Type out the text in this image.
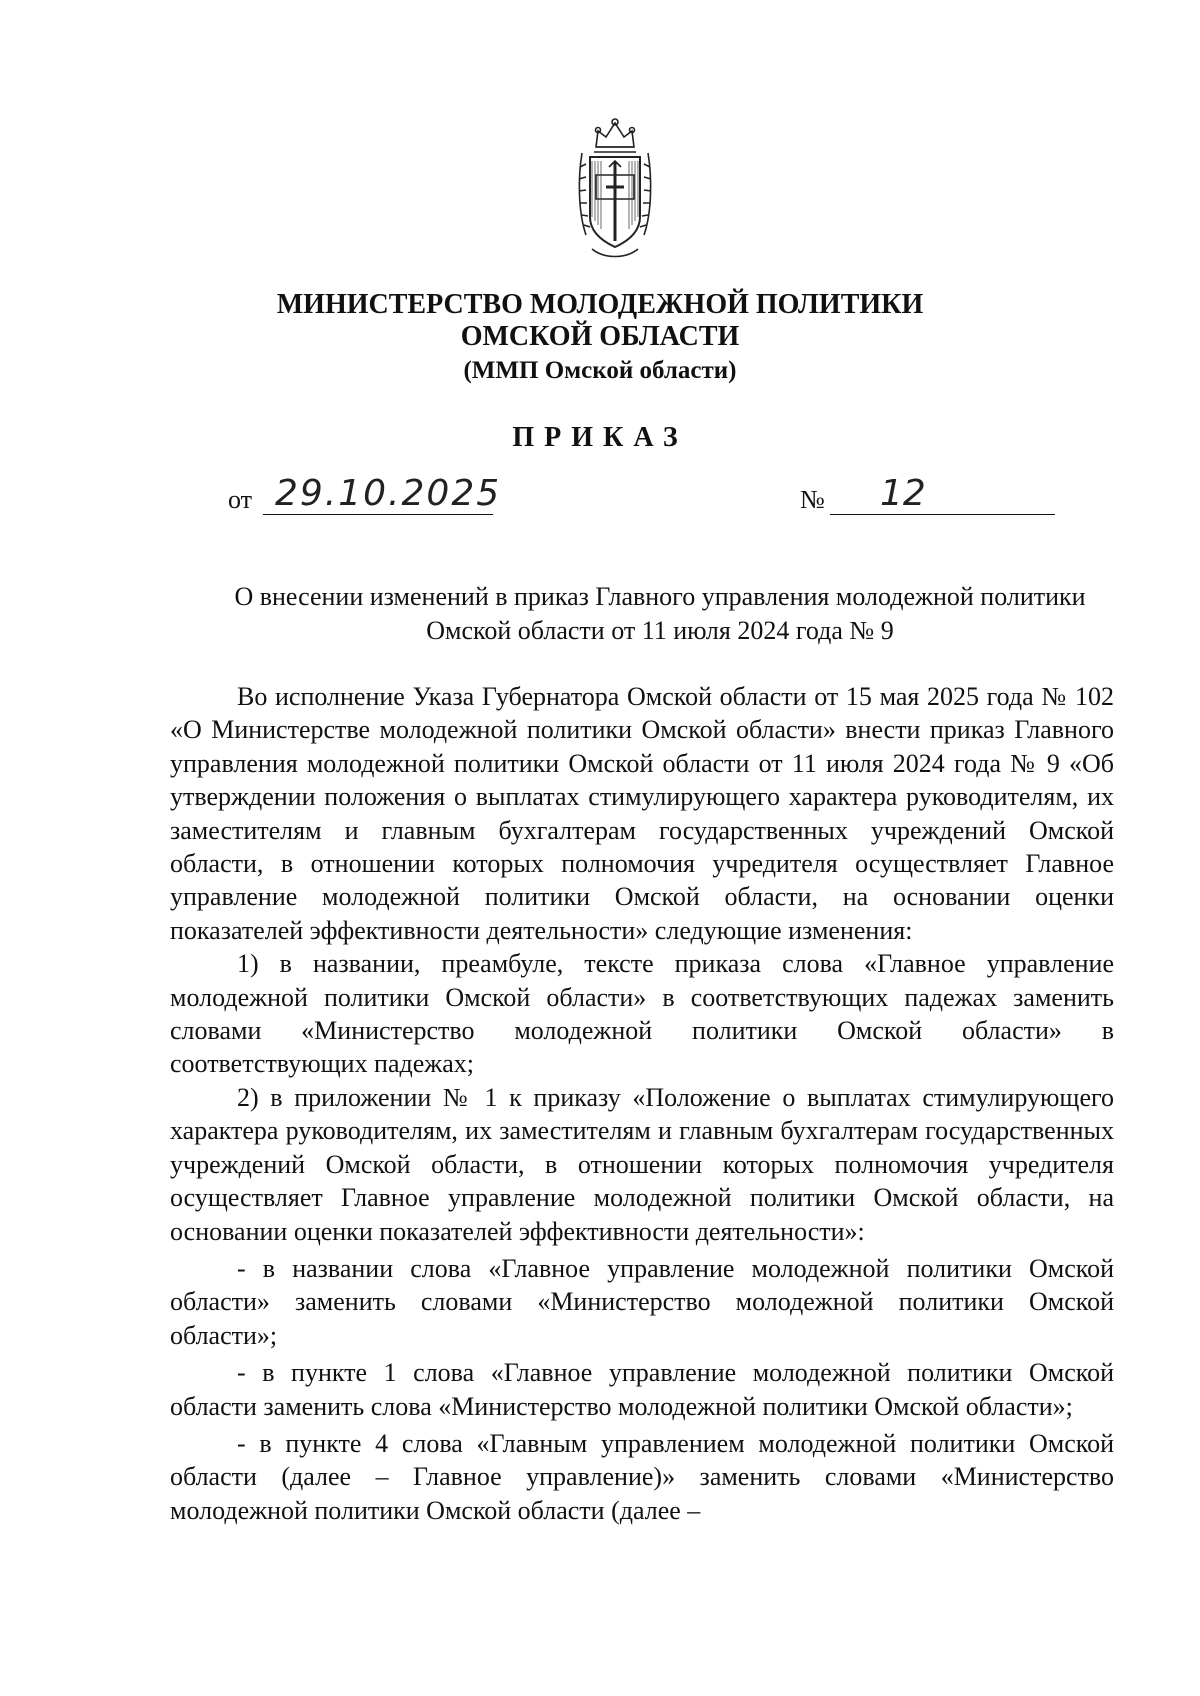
МИНИСТЕРСТВО МОЛОДЕЖНОЙ ПОЛИТИКИ

ОМСКОЙ ОБЛАСТИ

(ММП Омской области)

ПРИКАЗ

от 29.10.2025	№ 12

О внесении изменений в приказ Главного управления молодежной политики Омской области от 11 июля 2024 года № 9

Во исполнение Указа Губернатора Омской области от 15 мая 2025 года № 102 «О Министерстве молодежной политики Омской области» внести приказ Главного управления молодежной политики Омской области от 11 июля 2024 года № 9 «Об утверждении положения о выплатах стимулирующего характера руководителям, их заместителям и главным бухгалтерам государственных учреждений Омской области, в отношении которых полномочия учредителя осуществляет Главное управление молодежной политики Омской области, на основании оценки показателей эффективности деятельности» следующие изменения:

1) в названии, преамбуле, тексте приказа слова «Главное управление молодежной политики Омской области» в соответствующих падежах заменить словами «Министерство молодежной политики Омской области» в соответствующих падежах;

2) в приложении № 1 к приказу «Положение о выплатах стимулирующего характера руководителям, их заместителям и главным бухгалтерам государственных учреждений Омской области, в отношении которых полномочия учредителя осуществляет Главное управление молодежной политики Омской области, на основании оценки показателей эффективности деятельности»:

- в названии слова «Главное управление молодежной политики Омской области» заменить словами «Министерство молодежной политики Омской области»;

- в пункте 1 слова «Главное управление молодежной политики Омской области заменить слова «Министерство молодежной политики Омской области»;

- в пункте 4 слова «Главным управлением молодежной политики Омской области (далее – Главное управление)» заменить словами «Министерство молодежной политики Омской области (далее –
